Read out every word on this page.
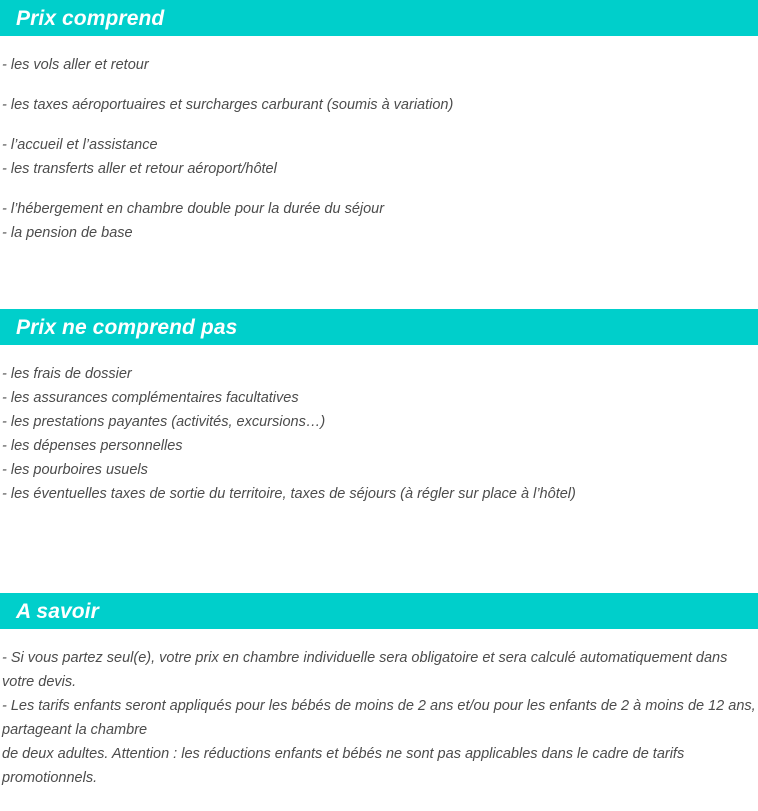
Prix comprend
- les vols aller et retour
- les taxes aéroportuaires et surcharges carburant (soumis à variation)
- l’accueil et l’assistance
- les transferts aller et retour aéroport/hôtel
- l’hébergement en chambre double pour la durée du séjour
- la pension de base
Prix ne comprend pas
- les frais de dossier
- les assurances complémentaires facultatives
- les prestations payantes (activités, excursions…)
- les dépenses personnelles
- les pourboires usuels
- les éventuelles taxes de sortie du territoire, taxes de séjours (à régler sur place à l’hôtel)
A savoir
- Si vous partez seul(e), votre prix en chambre individuelle sera obligatoire et sera calculé automatiquement dans votre devis.
- Les tarifs enfants seront appliqués pour les bébés de moins de 2 ans et/ou pour les enfants de 2 à moins de 12 ans, partageant la chambre
de deux adultes. Attention : les réductions enfants et bébés ne sont pas applicables dans le cadre de tarifs promotionnels.
